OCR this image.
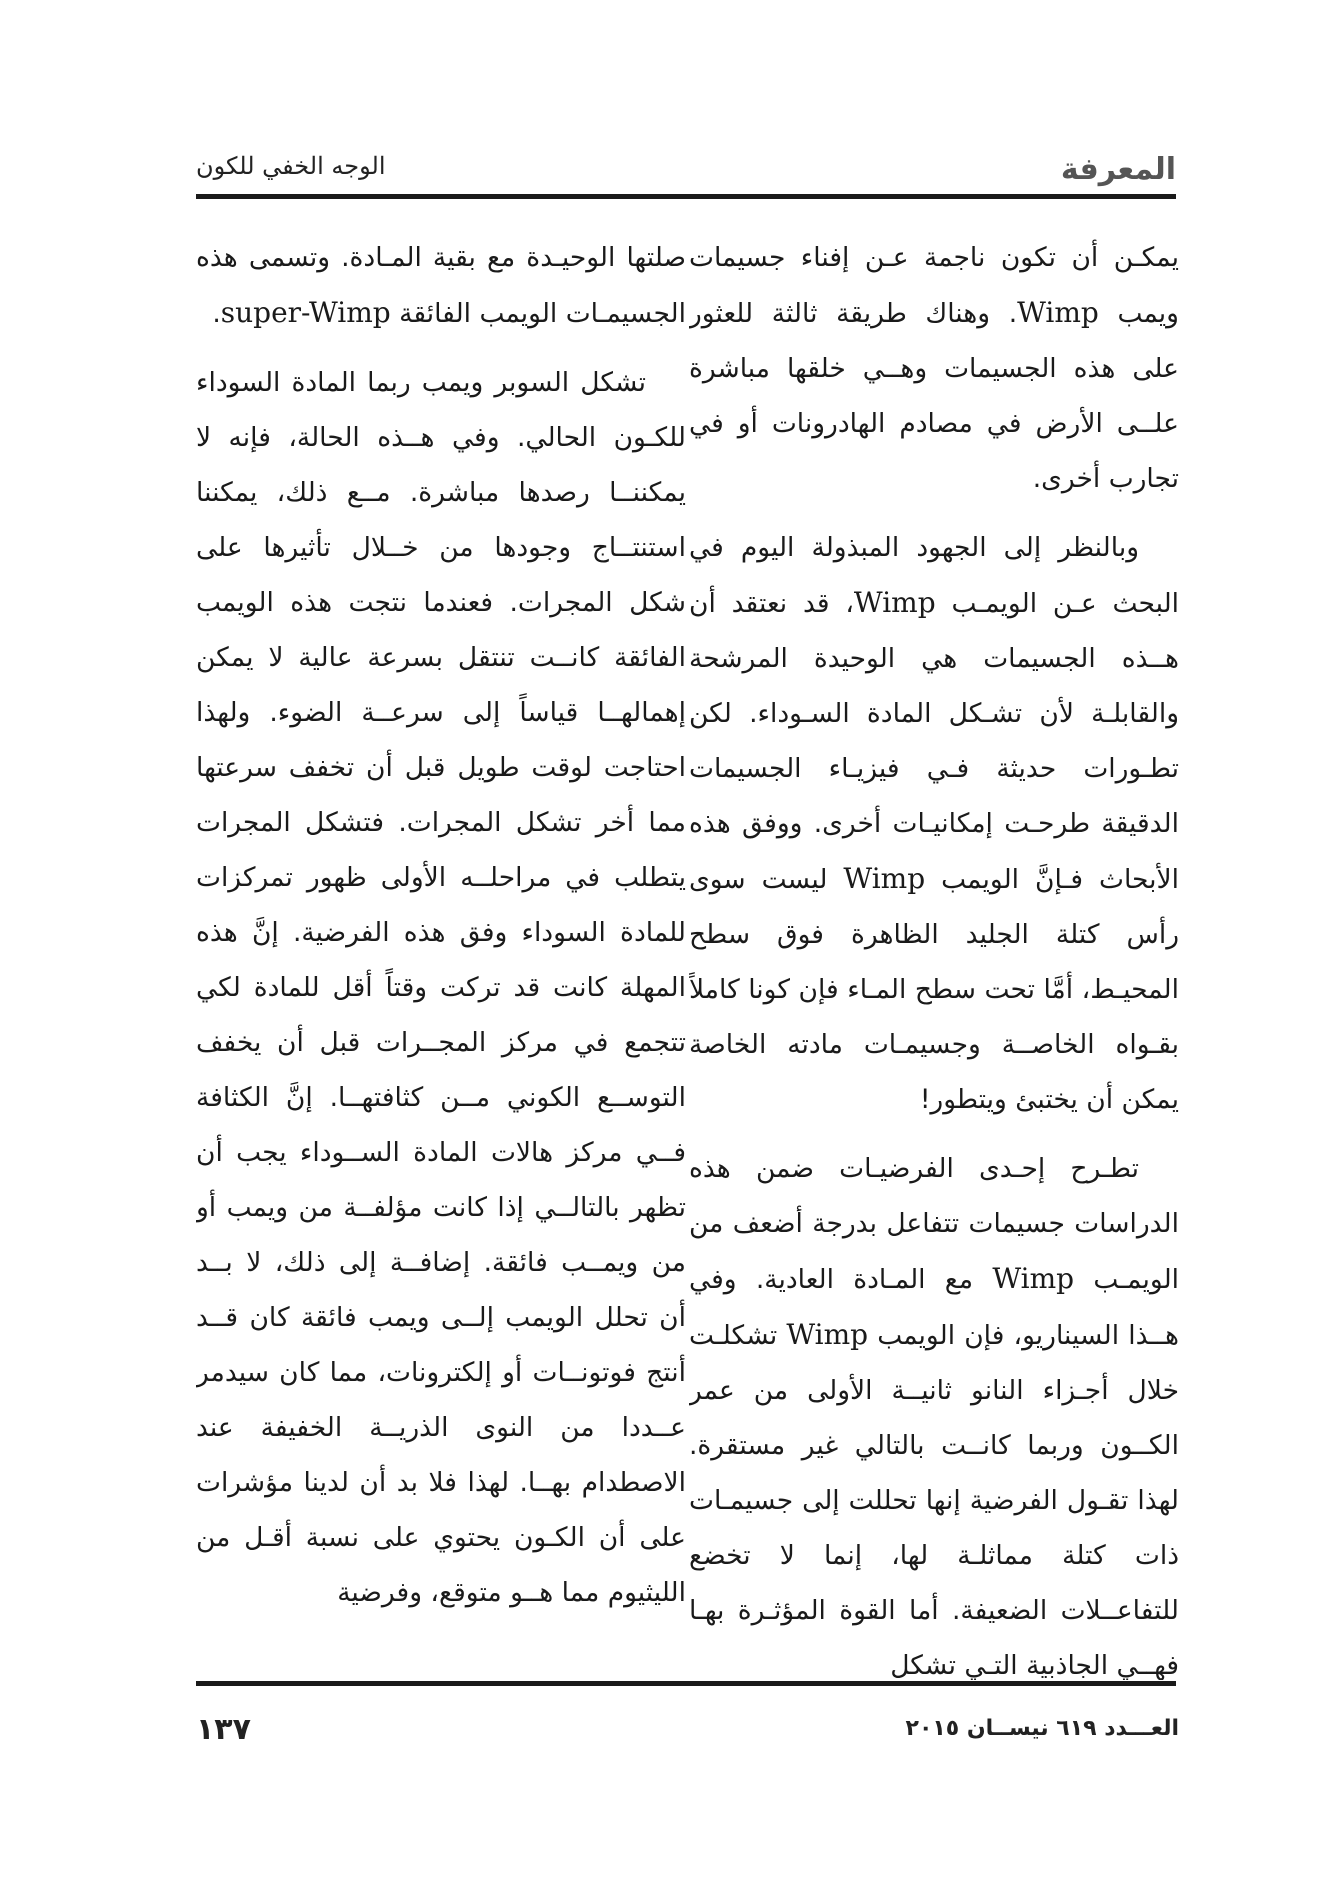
المعرفة
الوجه الخفي للكون

يمكـن أن تكون ناجمة عـن إفناء جسيمات ويمب Wimp. وهناك طريقة ثالثة للعثور على هذه الجسيمات وهــي خلقها مباشرة علــى الأرض في مصادم الهادرونات أو في تجارب أخرى.

وبالنظر إلى الجهود المبذولة اليوم في البحث عـن الويمـب Wimp، قد نعتقد أن هــذه الجسيمات هي الوحيدة المرشحة والقابلـة لأن تشـكل المادة السـوداء. لكن تطـورات حديثة فـي فيزيـاء الجسيمات الدقيقة طرحـت إمكانيـات أخرى. ووفق هذه الأبحاث فـإنَّ الويمب Wimp ليست سوى رأس كتلة الجليد الظاهرة فوق سطح المحيـط، أمَّا تحت سطح المـاء فإن كونا كاملاً بقـواه الخاصــة وجسيمـات مادته الخاصة يمكن أن يختبئ ويتطور!

تطـرح إحـدى الفرضيـات ضمن هذه الدراسات جسيمات تتفاعل بدرجة أضعف من الويمـب Wimp مع المـادة العادية. وفي هــذا السيناريو، فإن الويمب Wimp تشكلـت خلال أجـزاء النانو ثانيــة الأولى من عمر الكــون وربما كانــت بالتالي غير مستقرة. لهذا تقـول الفرضية إنها تحللت إلى جسيمـات ذات كتلة مماثلـة لها، إنما لا تخضع للتفاعــلات الضعيفة. أما القوة المؤثـرة بهـا فهــي الجاذبية التـي تشكل

صلتها الوحيـدة مع بقية المـادة. وتسمى هذه الجسيمـات الويمب الفائقة super-Wimp.

تشكل السوبر ويمب ربما المادة السوداء للكـون الحالي. وفي هــذه الحالة، فإنه لا يمكننــا رصدها مباشرة. مــع ذلك، يمكننا استنتــاج وجودها من خــلال تأثيرها على شكل المجرات. فعندما نتجت هذه الويمب الفائقة كانــت تنتقل بسرعة عالية لا يمكن إهمالهــا قياساً إلى سرعــة الضوء. ولهذا احتاجت لوقت طويل قبل أن تخفف سرعتها مما أخر تشكل المجرات. فتشكل المجرات يتطلب في مراحلــه الأولى ظهور تمركزات للمادة السوداء وفق هذه الفرضية. إنَّ هذه المهلة كانت قد تركت وقتاً أقل للمادة لكي تتجمع في مركز المجــرات قبل أن يخفف التوســع الكوني مــن كثافتهــا. إنَّ الكثافة فــي مركز هالات المادة الســوداء يجب أن تظهر بالتالــي إذا كانت مؤلفــة من ويمب أو من ويمــب فائقة. إضافــة إلى ذلك، لا بــد أن تحلل الويمب إلــى ويمب فائقة كان قــد أنتج فوتونــات أو إلكترونات، مما كان سيدمر عــددا من النوى الذريــة الخفيفة عند الاصطدام بهــا. لهذا فلا بد أن لدينا مؤشرات على أن الكـون يحتوي على نسبة أقـل من الليثيوم مما هــو متوقع، وفرضية

١٣٧	العـــدد ٦١٩ نيســان ٢٠١٥
